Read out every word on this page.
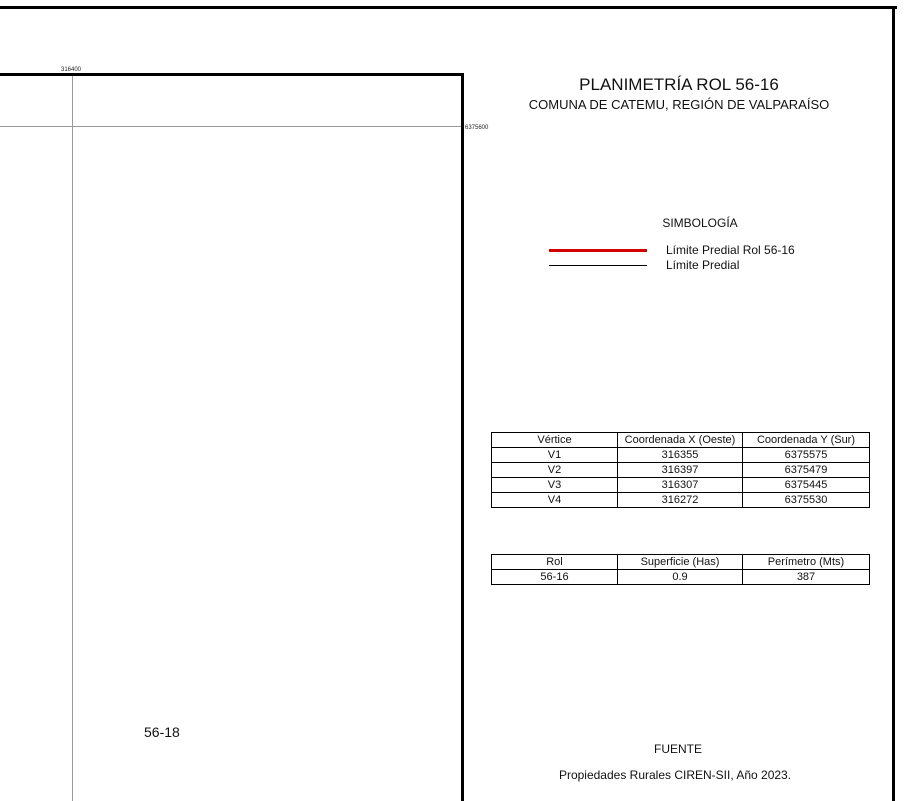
316400
6375600
56-18
PLANIMETRÍA ROL 56-16
COMUNA DE CATEMU, REGIÓN DE VALPARAÍSO
SIMBOLOGÍA
Límite Predial Rol 56-16
Límite Predial
Vértice	Coordenada X (Oeste)	Coordenada Y (Sur)
V1	316355	6375575
V2	316397	6375479
V3	316307	6375445
V4	316272	6375530
Rol	Superficie (Has)	Perímetro (Mts)
56-16	0.9	387
FUENTE
Propiedades Rurales CIREN-SII, Año 2023.
